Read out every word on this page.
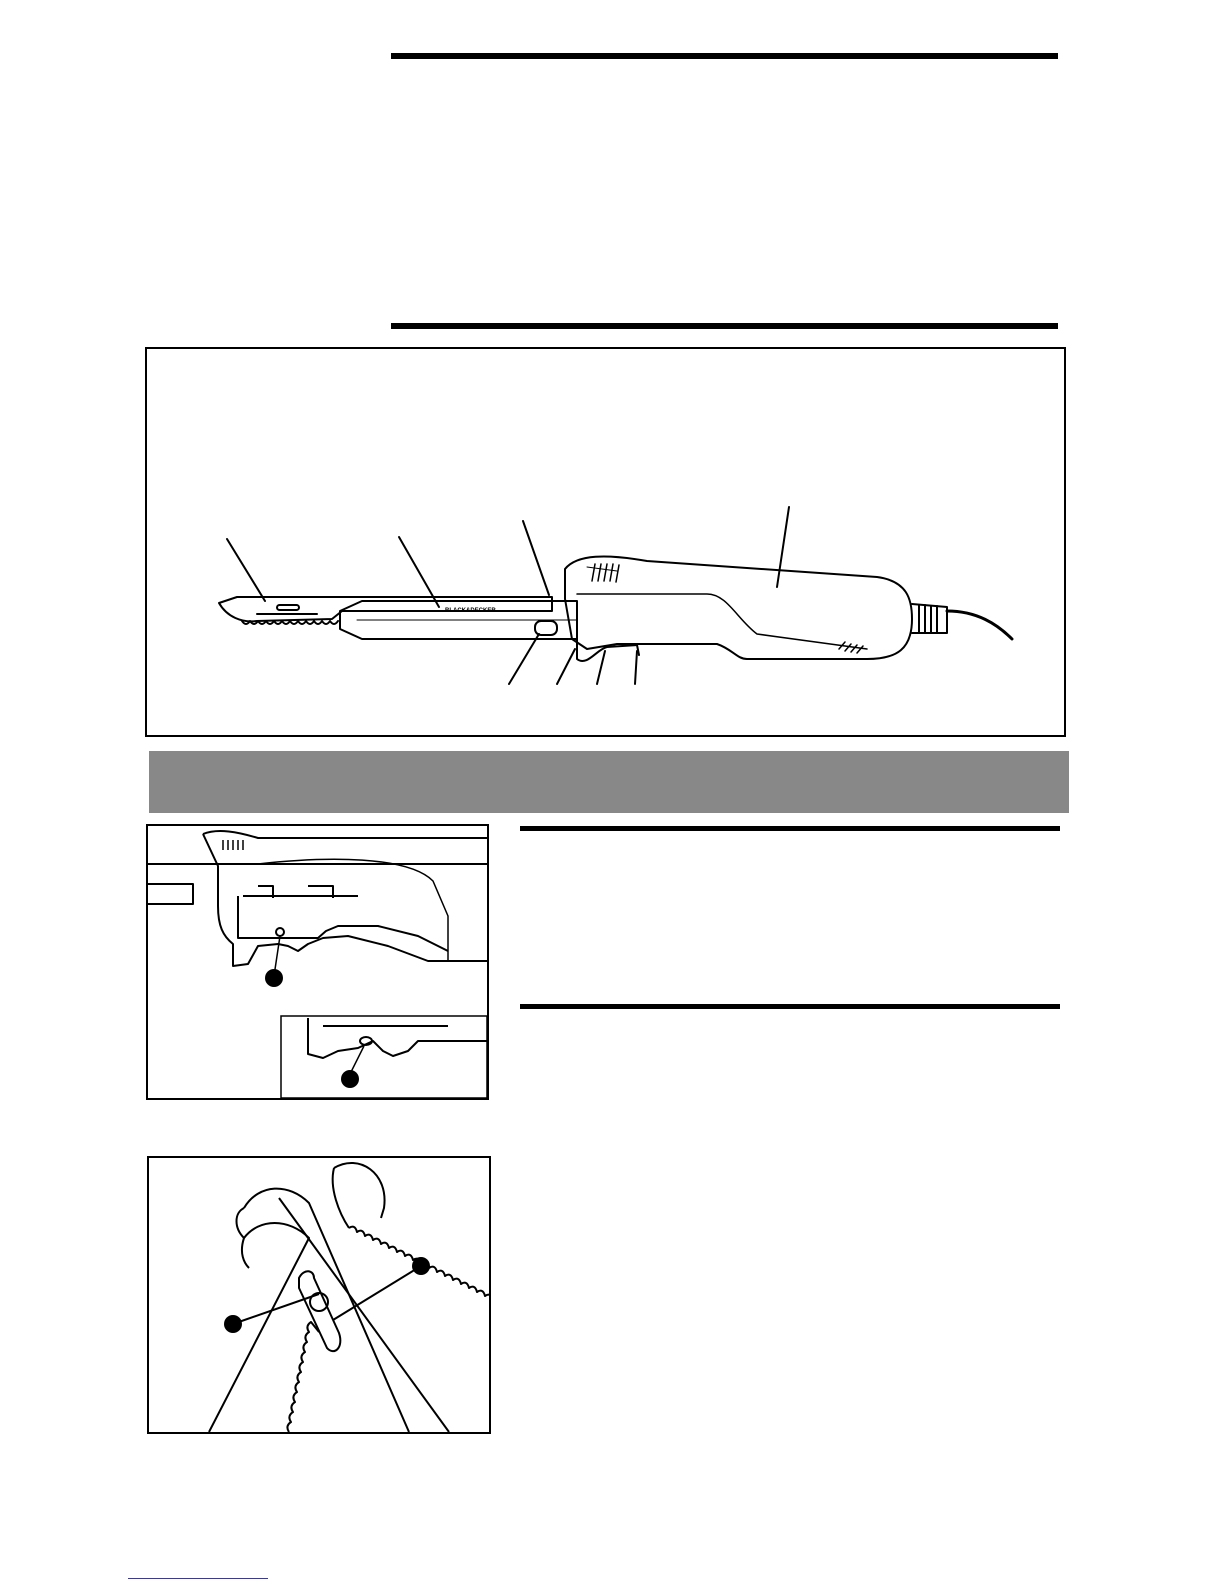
BLACK&DECKER
